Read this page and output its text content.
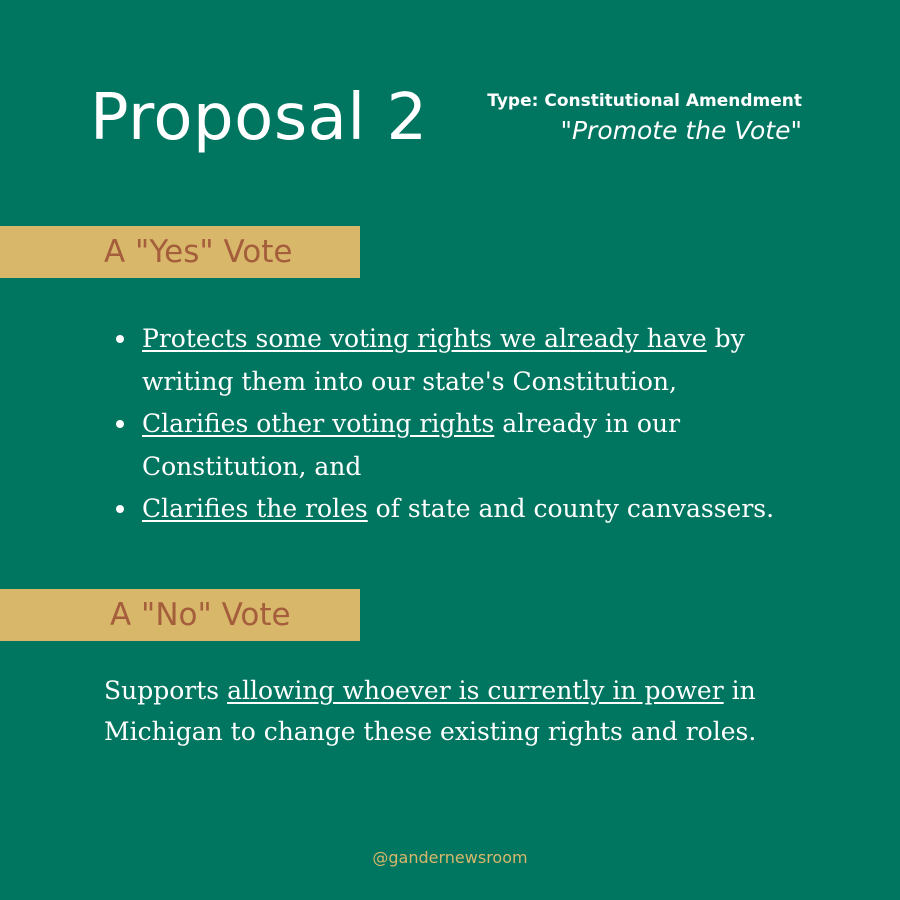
Proposal 2	Type: Constitutional Amendment
"Promote the Vote"
A "Yes" Vote
Protects some voting rights we already have by writing them into our state's Constitution,
Clarifies other voting rights already in our Constitution, and
Clarifies the roles of state and county canvassers.
A "No" Vote
Supports allowing whoever is currently in power in Michigan to change these existing rights and roles.
@gandernewsroom
